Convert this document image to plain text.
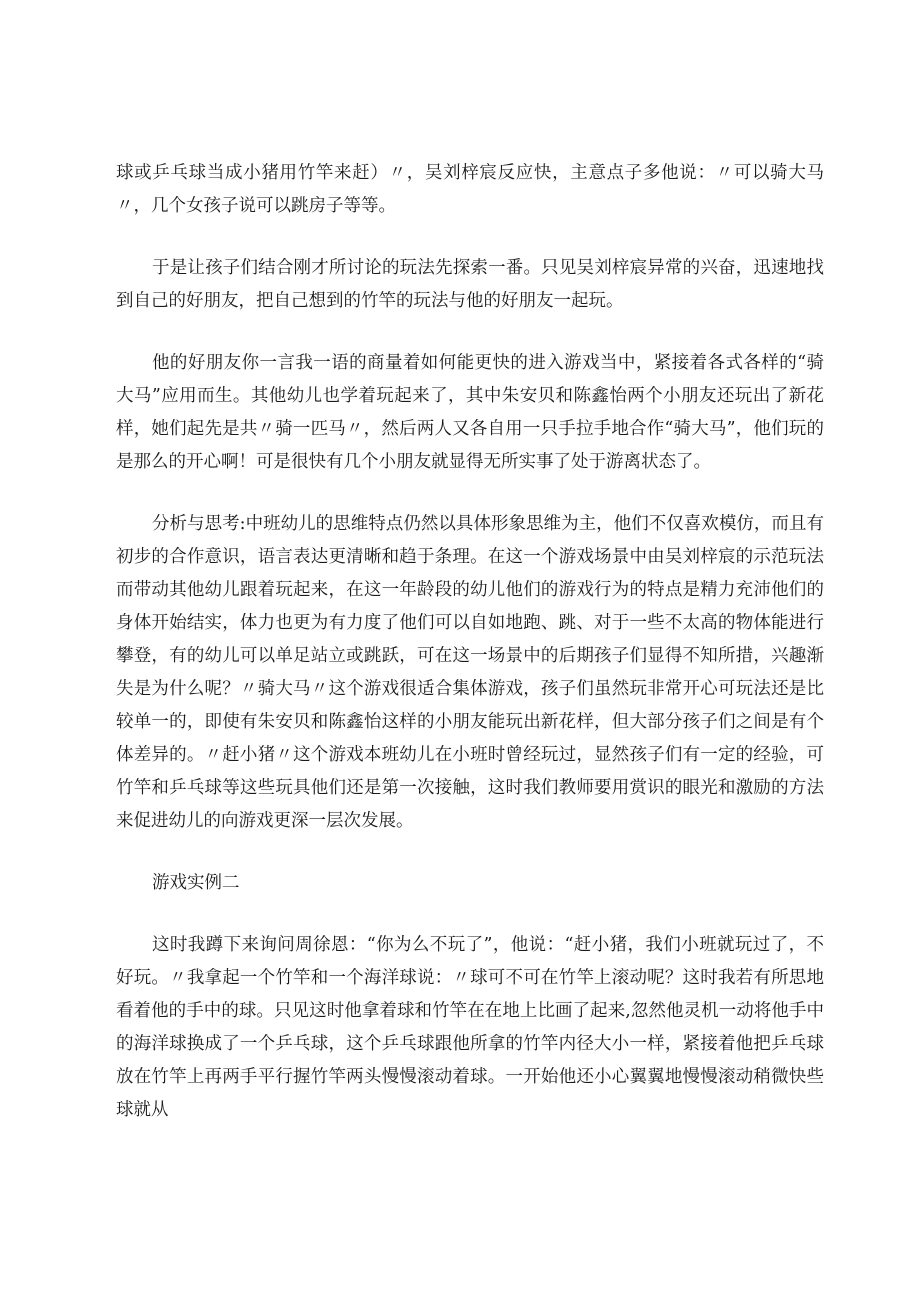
球或乒乓球当成小猪用竹竿来赶）〃，吴刘梓宸反应快，主意点子多他说：〃可以骑大马〃，几个女孩子说可以跳房子等等。

于是让孩子们结合刚才所讨论的玩法先探索一番。只见吴刘梓宸异常的兴奋，迅速地找到自己的好朋友，把自己想到的竹竿的玩法与他的好朋友一起玩。

他的好朋友你一言我一语的商量着如何能更快的进入游戏当中，紧接着各式各样的“骑大马”应用而生。其他幼儿也学着玩起来了，其中朱安贝和陈鑫怡两个小朋友还玩出了新花样，她们起先是共〃骑一匹马〃，然后两人又各自用一只手拉手地合作“骑大马”，他们玩的是那么的开心啊！可是很快有几个小朋友就显得无所实事了处于游离状态了。

分析与思考:中班幼儿的思维特点仍然以具体形象思维为主，他们不仅喜欢模仿，而且有初步的合作意识，语言表达更清晰和趋于条理。在这一个游戏场景中由吴刘梓宸的示范玩法而带动其他幼儿跟着玩起来，在这一年龄段的幼儿他们的游戏行为的特点是精力充沛他们的身体开始结实，体力也更为有力度了他们可以自如地跑、跳、对于一些不太高的物体能进行攀登，有的幼儿可以单足站立或跳跃，可在这一场景中的后期孩子们显得不知所措，兴趣渐失是为什么呢？〃骑大马〃这个游戏很适合集体游戏，孩子们虽然玩非常开心可玩法还是比较单一的，即使有朱安贝和陈鑫怡这样的小朋友能玩出新花样，但大部分孩子们之间是有个体差异的。〃赶小猪〃这个游戏本班幼儿在小班时曾经玩过，显然孩子们有一定的经验，可竹竿和乒乓球等这些玩具他们还是第一次接触，这时我们教师要用赏识的眼光和激励的方法来促进幼儿的向游戏更深一层次发展。

游戏实例二

这时我蹲下来询问周徐恩：“你为么不玩了”，他说：“赶小猪，我们小班就玩过了，不好玩。〃我拿起一个竹竿和一个海洋球说：〃球可不可在竹竿上滚动呢？这时我若有所思地看着他的手中的球。只见这时他拿着球和竹竿在在地上比画了起来,忽然他灵机一动将他手中的海洋球换成了一个乒乓球，这个乒乓球跟他所拿的竹竿内径大小一样，紧接着他把乒乓球放在竹竿上再两手平行握竹竿两头慢慢滚动着球。一开始他还小心翼翼地慢慢滚动稍微快些球就从
